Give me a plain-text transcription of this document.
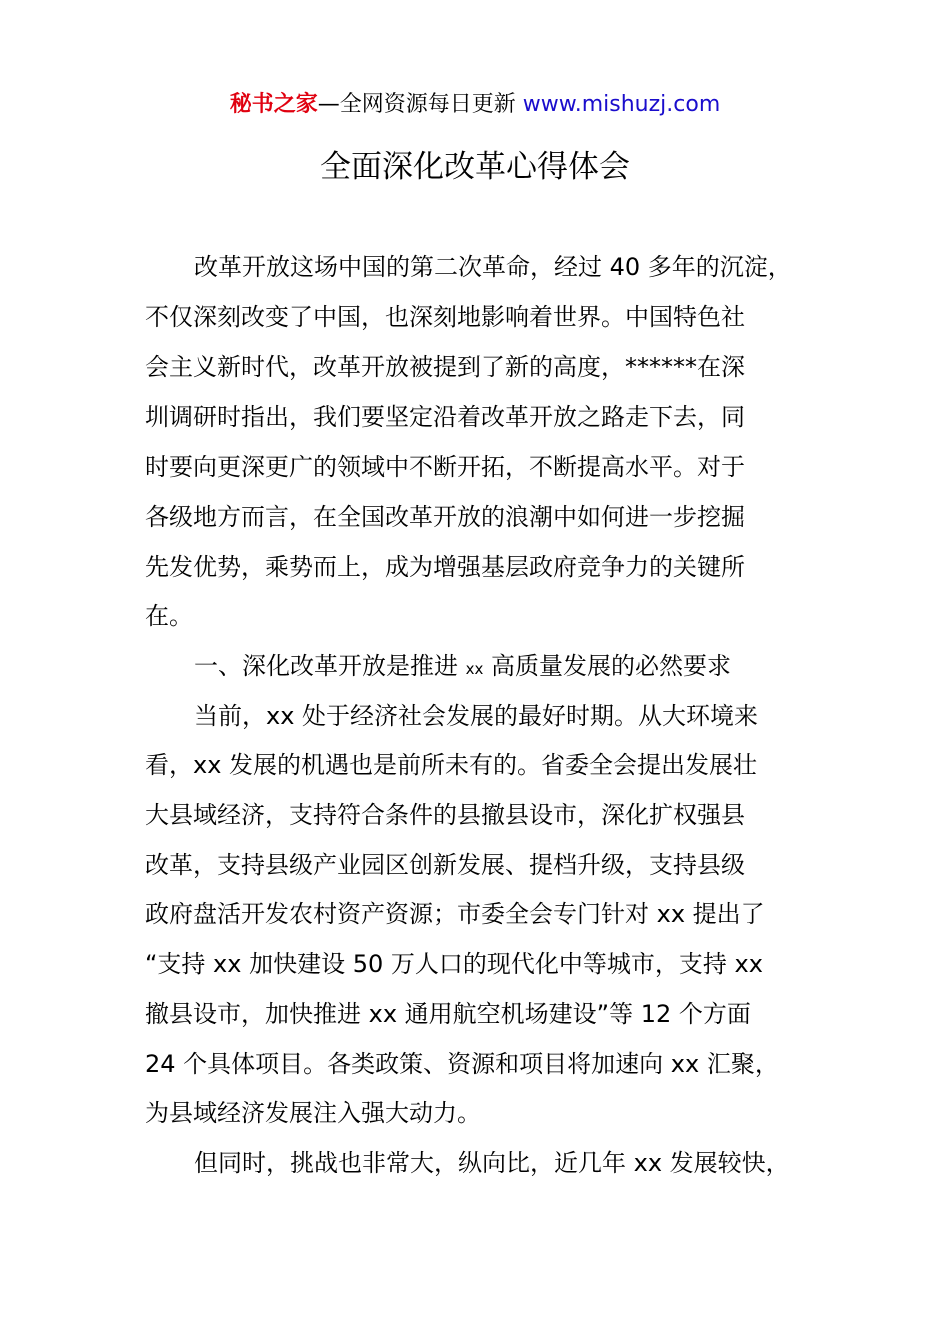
秘书之家—全网资源每日更新 www.mishuzj.com
全面深化改革心得体会
改革开放这场中国的第二次革命，经过 40 多年的沉淀，
不仅深刻改变了中国，也深刻地影响着世界。中国特色社
会主义新时代，改革开放被提到了新的高度，******在深
圳调研时指出，我们要坚定沿着改革开放之路走下去，同
时要向更深更广的领域中不断开拓，不断提高水平。对于
各级地方而言，在全国改革开放的浪潮中如何进一步挖掘
先发优势，乘势而上，成为增强基层政府竞争力的关键所
在。
一、深化改革开放是推进 xx 高质量发展的必然要求
当前，xx 处于经济社会发展的最好时期。从大环境来
看，xx 发展的机遇也是前所未有的。省委全会提出发展壮
大县域经济，支持符合条件的县撤县设市，深化扩权强县
改革，支持县级产业园区创新发展、提档升级，支持县级
政府盘活开发农村资产资源；市委全会专门针对 xx 提出了
“支持 xx 加快建设 50 万人口的现代化中等城市，支持 xx
撤县设市，加快推进 xx 通用航空机场建设”等 12 个方面
24 个具体项目。各类政策、资源和项目将加速向 xx 汇聚，
为县域经济发展注入强大动力。
但同时，挑战也非常大，纵向比，近几年 xx 发展较快，
